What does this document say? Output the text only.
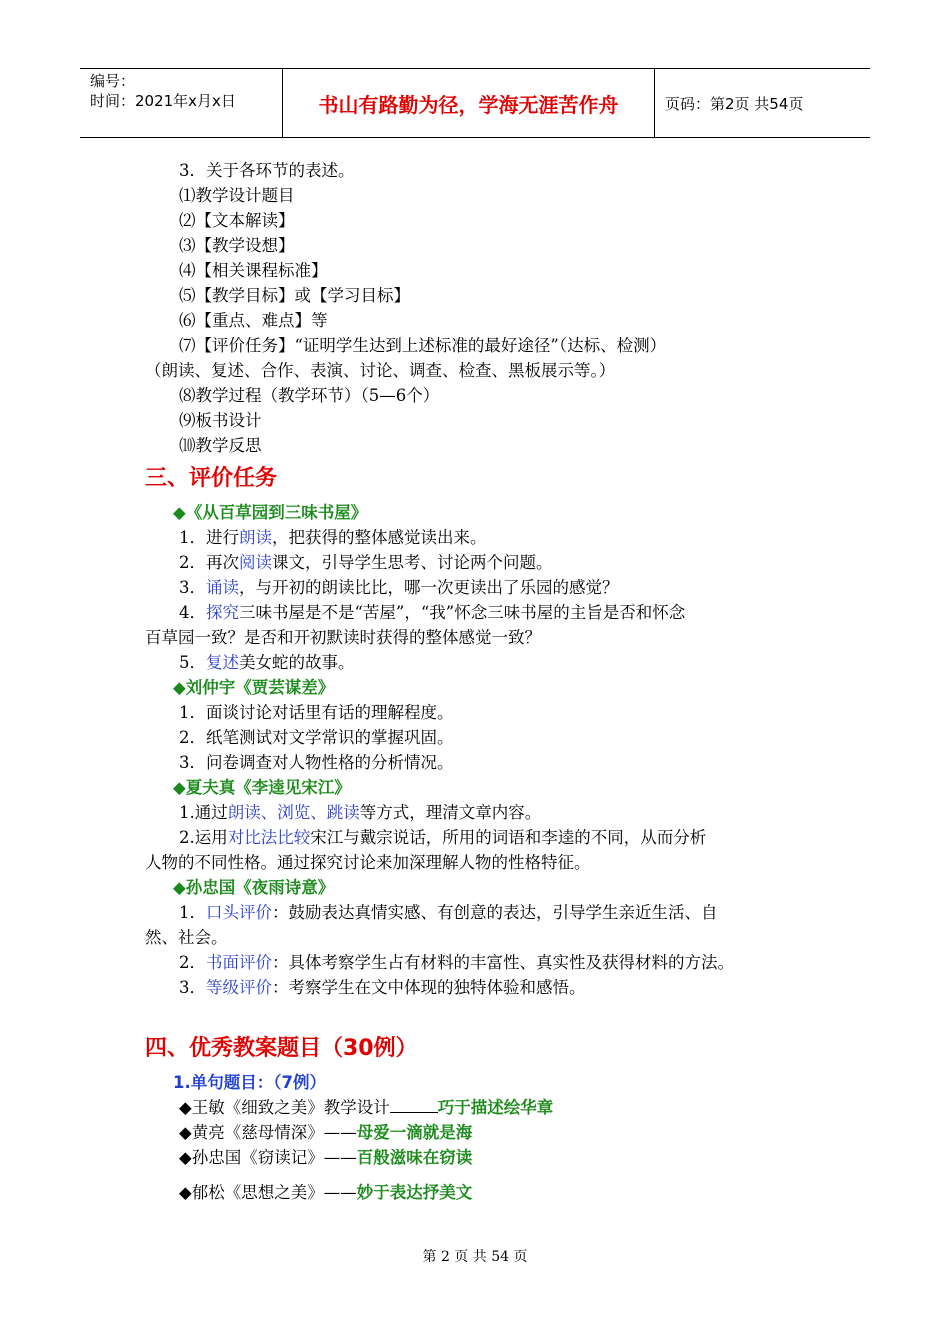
编号：
时间：2021年x月x日	书山有路勤为径，学海无涯苦作舟	页码：第2页 共54页
3．关于各环节的表述。
⑴教学设计题目
⑵【文本解读】
⑶【教学设想】
⑷【相关课程标准】
⑸【教学目标】或【学习目标】
⑹【重点、难点】等
⑺【评价任务】“证明学生达到上述标准的最好途径”（达标、检测）
（朗读、复述、合作、表演、讨论、调查、检查、黑板展示等。）
⑻教学过程（教学环节）（5—6个）
⑼板书设计
⑽教学反思
三、评价任务
◆《从百草园到三味书屋》
1．进行朗读，把获得的整体感觉读出来。
2．再次阅读课文，引导学生思考、讨论两个问题。
3．诵读，与开初的朗读比比，哪一次更读出了乐园的感觉？
4．探究三味书屋是不是“苦屋”，“我”怀念三味书屋的主旨是否和怀念
百草园一致？是否和开初默读时获得的整体感觉一致？
5．复述美女蛇的故事。
◆刘仲宇《贾芸谋差》
1．面谈讨论对话里有话的理解程度。
2．纸笔测试对文学常识的掌握巩固。
3．问卷调查对人物性格的分析情况。
◆夏夫真《李逵见宋江》
1.通过朗读、浏览、跳读等方式，理清文章内容。
2.运用对比法比较宋江与戴宗说话，所用的词语和李逵的不同，从而分析
人物的不同性格。通过探究讨论来加深理解人物的性格特征。
◆孙忠国《夜雨诗意》
1．口头评价：鼓励表达真情实感、有创意的表达，引导学生亲近生活、自
然、社会。
2．书面评价：具体考察学生占有材料的丰富性、真实性及获得材料的方法。
3．等级评价：考察学生在文中体现的独特体验和感悟。
四、优秀教案题目（30例）
1.单句题目：（7例）
◆王敏《细致之美》教学设计	巧于描述绘华章
◆黄亮《慈母情深》——母爱一滴就是海
◆孙忠国《窃读记》——百般滋味在窃读
◆郁松《思想之美》——妙于表达抒美文
第 2 页 共 54 页
